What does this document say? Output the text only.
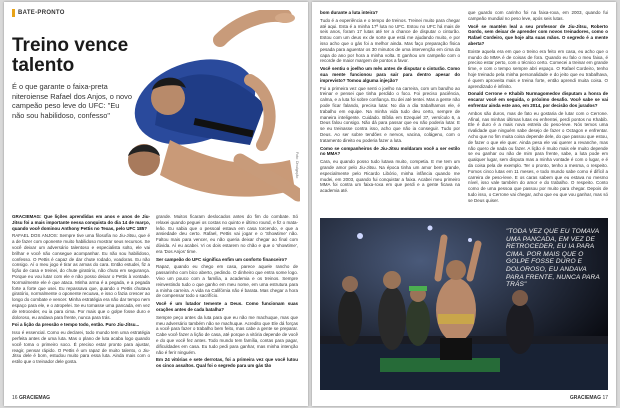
BATE-PRONTO
Foto: Divulgação
Treino vence talento

É o que garante o faixa-preta niteroiense Rafael dos Anjos, o novo campeão peso leve do UFC: "Eu não sou habilidoso, confesso"

GRACIEMAG: Que lições aprendidas em anos e anos de Jiu-Jitsu foi a mais importante nessa conquista do dia 14 de março, quando você dominou Anthony Pettis no Texas, pelo UFC 185?

RAFAEL DOS ANJOS: Sempre tive uma filosofia no Jiu-Jitsu, que é a de fazer com oponente muito habilidoso mostrar seus recursos. Se você deixar um adversário talentoso e especialista solto, ele vai brilhar e você não consegue acompanhar. Eu não sou habilidoso, confesso. O Pettis é capaz de dar chute rodado, voadoras. Eu não consigo. Aí o meu jogo é tirar as armas do cara. Então estudei, fiz a lição de casa e treinei, do chute giratório, não chuto em segurança. Porque eu vou lutar com ele e não posso deixar o Pettis à vontade. Normalmente ele é que ataca. Minha arma é a pegada, e a pegada forte a forte que usei. Eu repassava que, quando o Pettis chutava giratório, normalmente o oponente recuava, e isso o fazia crescer ao longo do combate e vencer. Minha estratégia era não dar tempo nem espaço para ele, e o atropelei. Se eu tomasse uma pancada, em vez de retroceder, eu ia para cima. Por mais que o golpe fosse duro e doloroso, eu andava para frente, nunca para trás.

Foi a lição da pressão e tempo todo, então. Puro Jiu-Jitsu...

Isso é essencial. Como eu declarei, todo mundo tem uma estratégia perfeita antes de uma luta. Mas o plano de luta acaba logo quando você toma o primeiro soco. É preciso estar pronto para ajustar, reagir, pensar rápido. O Pettis é um rapaz de muito talento, o Jiu-Jitsu dele é bom, estudou muito para essa luta. Ainda mais com o estilo que o treinador dele gosta.

grande. Muitos ficaram deslocados antes do fim do combate. Só relaxei quando peguei os costas no quinto e último round, e fiz o mata-leão. Eu sabia que o pessoal estava em casa torcendo, e que a ansiedade deu certo. Rafael, Pettis vai jogar e o 'Showtime' não. Faltou mais para vencer, eu não queria deixar chegar ao final com dúvida. Aí eu acabei. Vi os dois estarem no chão e que o 'showtime', era 'Dos Anjos' time.

Ser campeão do UFC significa enfim um conforto financeiro?

Rapaz, quando eu chego em casa, parece aquele rancho de passarinho com bico aberto, pedindo. O dinheiro que entra some logo. Vivo um pouco com a família, a academia e os treinos. Sempre reinvestindo tudo o que ganho em meu nome, em uma estrutura para a minha carreira. A vida na Califórnia não é barata. Mas chegar a hora de compensar todo o sacrifício.

Você é um lutador temente a Deus. Como funcionam suas orações antes de cada batalha?

Sempre peço antes da luta para que eu não me machuque, mas que meu adversário também não se machuque. Acredito que Ele dá forças a você para fazer o trabalho bem feito, mas cabe a gente se preparar. Cabe você fazer a lição de casa, até porque a vitória depende de você e do que você fez antes. Todo mundo tem família, contas para pagar, dificuldades em casa. Eu tudo pedi para ganhar, mas minha intenção não é ferir ninguém.

Em 24 vitórias e sete derrotas, foi a primeira vez que você lutou os cinco assaltos. Qual foi o segredo para um gás tão

16 GRACIEMAG

bom durante a luta inteira?

Tudo é a experiência e o tempo de treinos. Treinei muito para chegar até aqui. Esta é a minha 17ª luta no UFC. Estou no UFC há mais de seis anos, foram 17 lutas até ter a chance de disputar o cinturão. Estou com um deus ex de sorte que está me ajudando muito, e por isso acho que o gás foi a melhor ainda. Mas faço preparação física pesada para aguentar os 30 minutos de uma intervenção em cima da capa do ano por hora a minha volta. E ganhou um campeão com o recorde de maior margem de pontos a favor.

Você sentiu o joelho um mês antes de disputar o cinturão. Como sua mente funcionou para sair para dentro apesar do imprevisto? Tomou alguma injeção?

Fui a primeira vez que senti o joelho na carreira, com um barulho ao treinar e pensei que tinha perdido o foco. Foi preciso paciência, calma, e a luta foi sobre confiança. Eu dei até tentei. Mas a gente não pode ficar falando, precisa lutar. No dia a dia trabalhamos ele, é trabalho em equipe. Na minha vida tudo deu certo, sempre de maneira inteligente. Cuidado. Bíblia em Ezequiel 37, versículo 6, a Deus falou consigo. Não dá para passar que eu não poderia lutar. E se eu treinasse contra isso, acho que não ia conseguir. Tudo por Deus. Ao ser sobre tendões e nervos, vacina, colágeno, com o tratamento direito eu poderia fazer a luta.

Como se companheiros de Jiu-Jitsu moldaram você a ser estilo no MMA?

Cara, eu quando posso tudo lutava muito, competia. E me tem um grande amor pelo Jiu-Jitsu. Na época tinha um amor bem grande, especialmente pelo Ricardo Libório, minha infância quando me mudei, em 2003, quando fui conquistar a faixa. Acabei meu primeiro MMA foi contra um faixa-roxa em que perdi e a gente ficava na academia até.

que guardo com carinho foi na faixa-roxa, em 2003, quando fui campeão mundial no peso leve, após seis lutas.

Você se mantém leal a seu professor de Jiu-Jitsu, Roberto Gordo, sem deixar de aprender com novos treinadores, como o Rafael Cordeiro, que hoje alta suas mãos. O segredo é a mente aberta?

Existe aquela era em que o treino era feito em casa, eu acho que o mundo do MMA é de coisas de fora. Quando eu falo o meu faixa, é preciso estar perto, com o técnico certo. Comecei a treinar em grande time, e com o tempo sempre abri espaço. O Rafael Cordeiro, tenho hoje treinado pela minha personalidade e do jeito que eu trabalhava, é quem aproveita mais e treina forte, então aprendi muita coisa. O aprendizado é infinito.

Donald Cerrone e Khabib Nurmagomedov disputam a honra de encarar você em seguida, o próximo desafio. Você sabe se vai enfrentar ainda este ano, em 2014, por decisão dos jurados?

Ambos são duros, mas de fato eu gostaria de lutar com o Cerrone. Afinal, nas minhas últimas lutas eu enfrentei, perdi pontos no Khabib. Ele é duro é a mais nova estrela do peso-leve. Nós temos uma rivalidade que ninguém sabe desejo de fazer o Octagon e enfrentar. Acho que no fim muita coisa depende dele, do que passou que estou, de fazer o que ele quer. Ainda pesa ele vai querer a revanche, mas não quero de nada ou fazer. A lição é muito mais ele muito depende se eu ganhar ou não de mim para frente, sabe, a luta pode em qualquer lugar, sem disputa mas a minha vontade é com o lugar, e é da coisa pela de exemplo. Ter o pronto, tenho a mesma, o respeito. Fomos cinco lutas em 11 meses, e todo mundo sabe como é difícil a carreira de peso-leve. E os caras sabem que eu estava no mesmo nível, isso vale também do amor e do trabalho. O respeito. Conto como de uma pessoa que passou por muito para chegar. Depois de tudo isso, o Cerrone vai chegar, acho que eu que vou ganhar, mas só se Deus quiser.

"TODA VEZ QUE EU TOMAVA UMA PANCADA, EM VEZ DE RETROCEDER, EU IA PARA CIMA. POR MAIS QUE O GOLPE FOSSE DURO E DOLOROSO, EU ANDAVA PARA FRENTE, NUNCA PARA TRÁS"

GRACIEMAG 17
